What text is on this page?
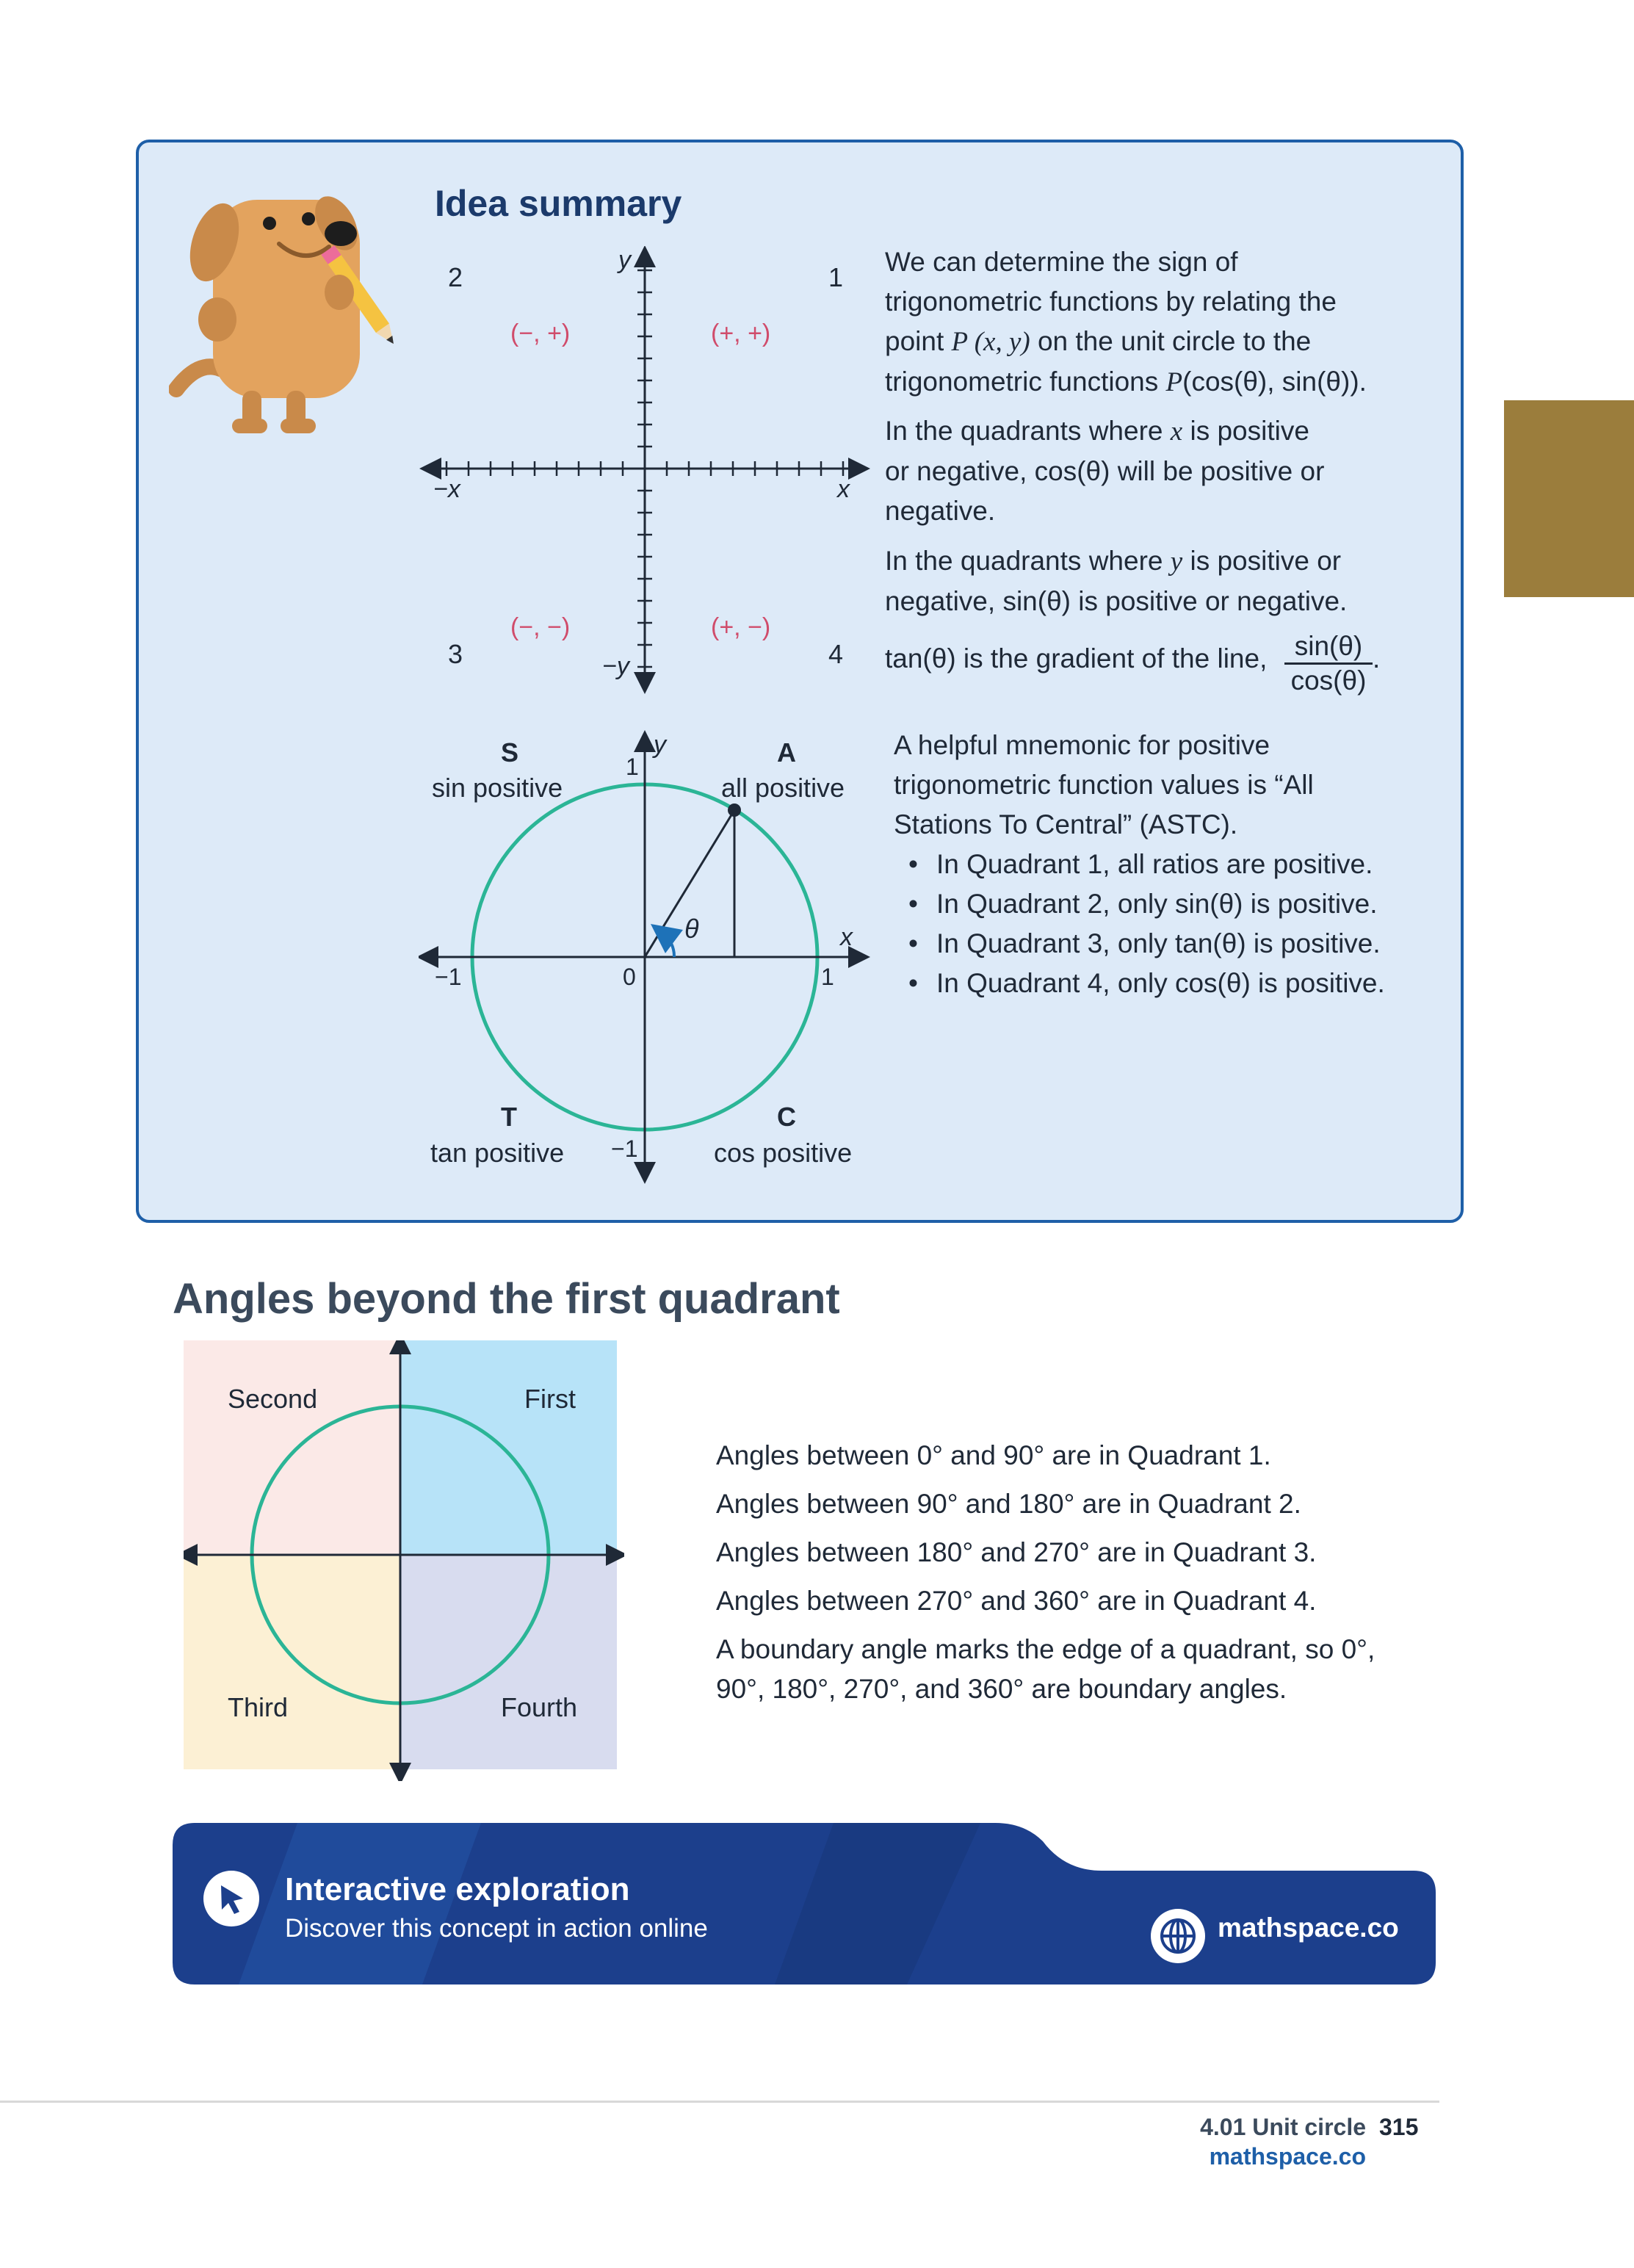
Idea summary
1
2
3	4
(−, +)	(+, +)
(−, −)	(+, −)
x
−x
y
−y
We can determine the sign of
trigonometric functions by relating the
point P (x, y) on the unit circle to the
trigonometric functions P(cos(θ), sin(θ)).
In the quadrants where x is positive
or negative, cos(θ) will be positive or
negative.
In the quadrants where y is positive or
negative, sin(θ) is positive or negative.
tan(θ) is the gradient of the line,	sin(θ)
cos(θ)
.
θ
S
sin positive
A
all positive
T
tan positive
C
cos positive
y
x
1
−1	0	1
−1
A helpful mnemonic for positive
trigonometric function values is “All
Stations To Central” (ASTC).
• In Quadrant 1, all ratios are positive.
• In Quadrant 2, only sin(θ) is positive.
• In Quadrant 3, only tan(θ) is positive.
• In Quadrant 4, only cos(θ) is positive.
Angles beyond the first quadrant
Second	First
Third	Fourth
Angles between 0° and 90° are in Quadrant 1.
Angles between 90° and 180° are in Quadrant 2.
Angles between 180° and 270° are in Quadrant 3.
Angles between 270° and 360° are in Quadrant 4.
A boundary angle marks the edge of a quadrant, so 0°,
90°, 180°, 270°, and 360° are boundary angles.
Interactive exploration
Discover this concept in action online	mathspace.co
4.01 Unit circle 315
mathspace.co
